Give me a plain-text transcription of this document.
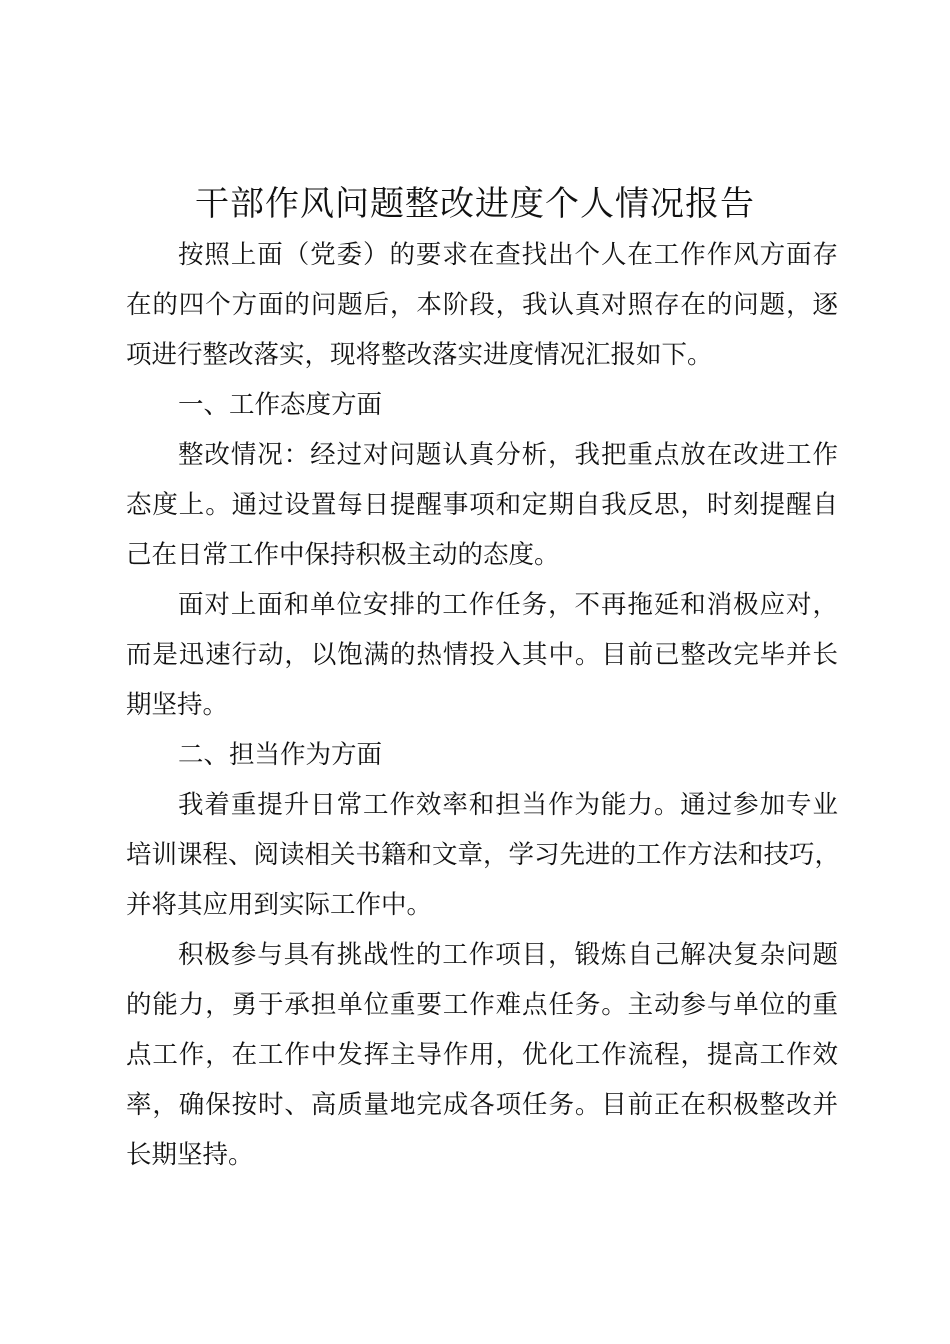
干部作风问题整改进度个人情况报告
按照上面（党委）的要求在查找出个人在工作作风方面存
在的四个方面的问题后，本阶段，我认真对照存在的问题，逐
项进行整改落实，现将整改落实进度情况汇报如下。
一、工作态度方面
整改情况：经过对问题认真分析，我把重点放在改进工作
态度上。通过设置每日提醒事项和定期自我反思，时刻提醒自
己在日常工作中保持积极主动的态度。
面对上面和单位安排的工作任务，不再拖延和消极应对，
而是迅速行动，以饱满的热情投入其中。目前已整改完毕并长
期坚持。
二、担当作为方面
我着重提升日常工作效率和担当作为能力。通过参加专业
培训课程、阅读相关书籍和文章，学习先进的工作方法和技巧，
并将其应用到实际工作中。
积极参与具有挑战性的工作项目，锻炼自己解决复杂问题
的能力，勇于承担单位重要工作难点任务。主动参与单位的重
点工作，在工作中发挥主导作用，优化工作流程，提高工作效
率，确保按时、高质量地完成各项任务。目前正在积极整改并
长期坚持。
